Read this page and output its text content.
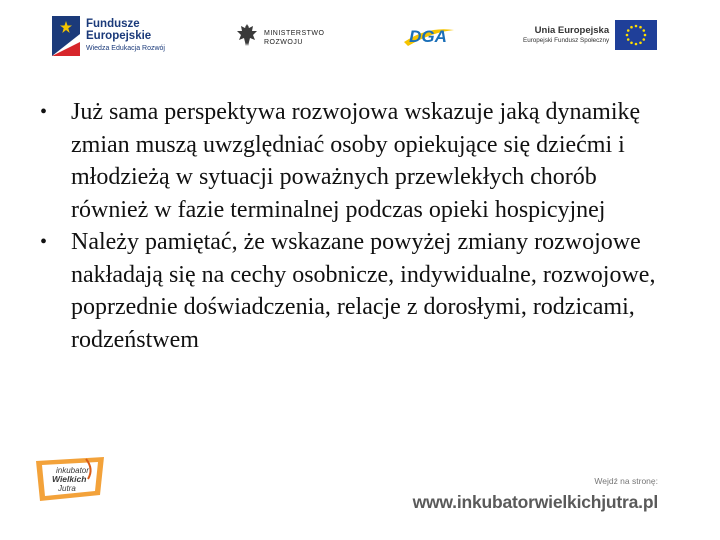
Fundusze
Europejskie
Wiedza Edukacja Rozwój
MINISTERSTWO
ROZWOJU	DGA	Unia Europejska
Europejski Fundusz Społeczny

• Już sama perspektywa rozwojowa wskazuje jaką dynamikę zmian muszą uwzględniać osoby opiekujące się dziećmi i młodzieżą w sytuacji poważnych przewlekłych chorób również w fazie terminalnej podczas opieki hospicyjnej

• Należy pamiętać, że wskazane powyżej zmiany rozwojowe nakładają się na cechy osobnicze, indywidualne, rozwojowe, poprzednie doświadczenia, relacje z dorosłymi, rodzicami, rodzeństwem

inkubator
Wielkich
Jutra
Wejdź na stronę:
www.inkubatorwielkichjutra.pl
